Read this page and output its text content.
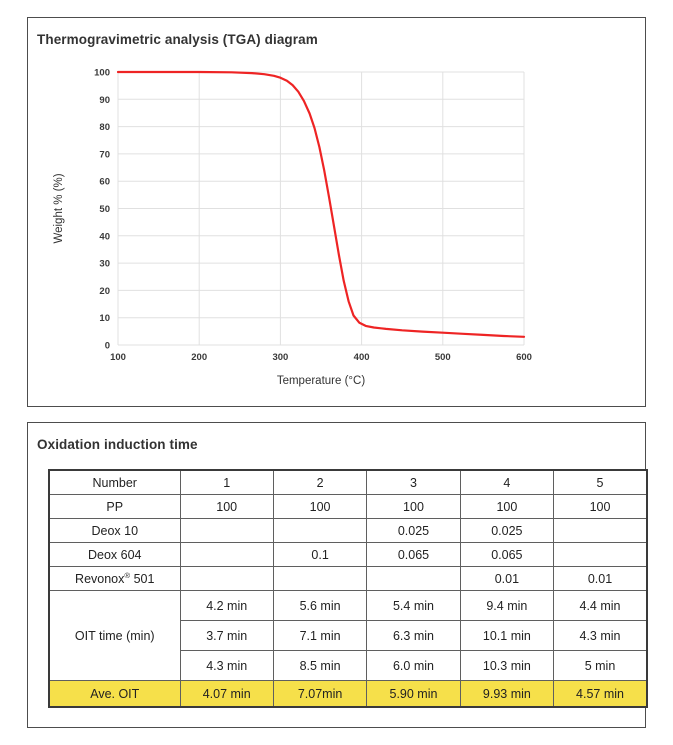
Thermogravimetric analysis (TGA) diagram
0
10
20
30
40
50
60
70
80
90
100
100	200	300	400	500	600
Temperature (°C)
Weight % (%)
Oxidation induction time
Number	1	2	3	4	5
PP	100	100	100	100	100
Deox 10			0.025	0.025	
Deox 604		0.1	0.065	0.065	
Revonox® 501				0.01	0.01
OIT time (min)	4.2 min	5.6 min	5.4 min	9.4 min	4.4 min
	3.7 min	7.1 min	6.3 min	10.1 min	4.3 min
	4.3 min	8.5 min	6.0 min	10.3 min	5 min
Ave. OIT	4.07 min	7.07min	5.90 min	9.93 min	4.57 min
